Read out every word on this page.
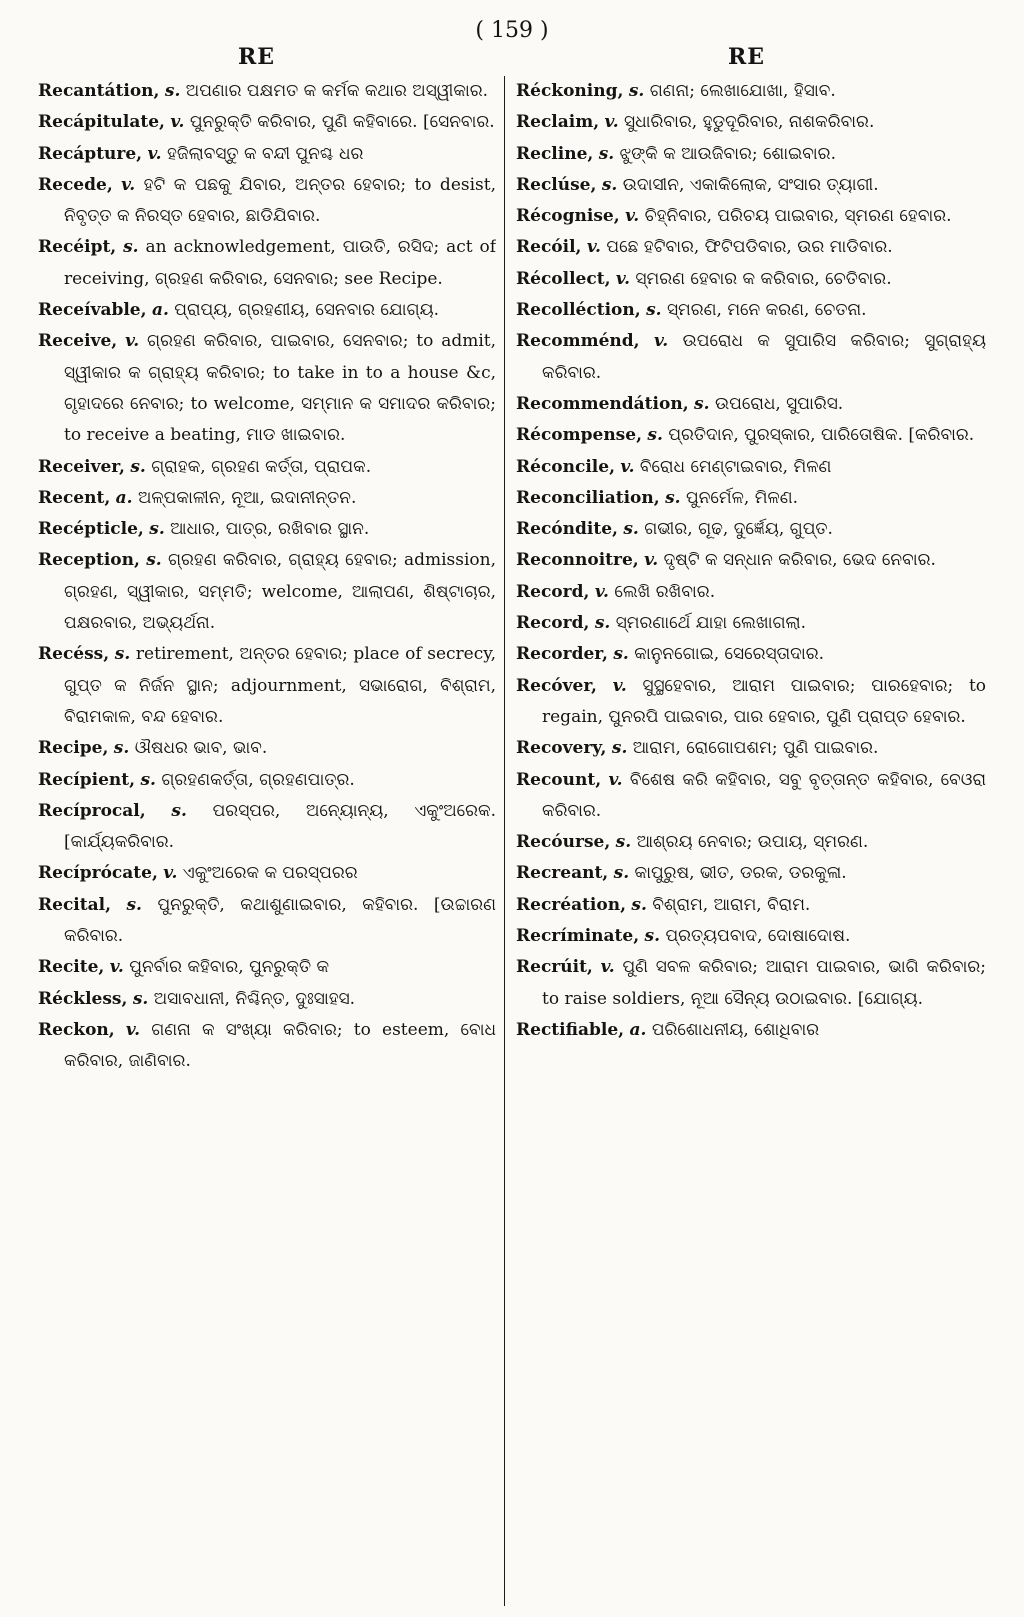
( 159 )
RE	RE

Recantátion, s. ଅପଣାର ପକ୍ଷମତ କ କର୍ମକ କଥାର ଅସ୍ୱୀକାର.

Recápitulate, v. ପୁନରୁକ୍ତି କରିବାର, ପୁଣି କହିବାରେ. [ସେନବାର.

Recápture, v. ହଜିଲାବସ୍ତୁ କ ବନ୍ଦୀ ପୁନଶ୍ଚ ଧର

Recede, v. ହଟି କ ପଛକୁ ଯିବାର, ଅନ୍ତର ହେବାର; to desist, ନିବୃତ୍ତ କ ନିରସ୍ତ ହେବାର, ଛାଡିଯିବାର.

Recéipt, s. an acknowledgement, ପାଉତି, ରସିଦ; act of receiving, ଗ୍ରହଣ କରିବାର, ସେନବାର; see Recipe.

Receívable, a. ପ୍ରାପ୍ୟ, ଗ୍ରହଣୀୟ, ସେନବାର ଯୋଗ୍ୟ.

Receive, v. ଗ୍ରହଣ କରିବାର, ପାଇବାର, ସେନବାର; to admit, ସ୍ୱୀକାର କ ଗ୍ରାହ୍ୟ କରିବାର; to take in to a house &c, ଗୃହାଦରେ ନେବାର; to welcome, ସମ୍ମାନ କ ସମାଦର କରିବାର; to receive a beating, ମାଡ ଖାଇବାର.

Receiver, s. ଗ୍ରାହକ, ଗ୍ରହଣ କର୍ତ୍ତା, ପ୍ରାପକ.

Recent, a. ଅଳ୍ପକାଳୀନ, ନୂଆ, ଇଦାନୀନ୍ତନ.

Recépticle, s. ଆଧାର, ପାତ୍ର, ରଖିବାର ସ୍ଥାନ.

Reception, s. ଗ୍ରହଣ କରିବାର, ଗ୍ରାହ୍ୟ ହେବାର; admission, ଗ୍ରହଣ, ସ୍ୱୀକାର, ସମ୍ମତି; welcome, ଆଲାପଣ, ଶିଷ୍ଟାଚାର, ପକ୍ଷରବାର, ଅଭ୍ୟର୍ଥନା.

Recéss, s. retirement, ଅନ୍ତର ହେବାର; place of secrecy, ଗୁପ୍ତ କ ନିର୍ଜନ ସ୍ଥାନ; adjournment, ସଭାରୋଗ, ବିଶ୍ରାମ, ବିରାମକାଳ, ବନ୍ଦ ହେବାର.

Recipe, s. ଔଷଧର ଭାବ, ଭାବ.

Recípient, s. ଗ୍ରହଣକର୍ତ୍ତା, ଗ୍ରହଣପାତ୍ର.

Recíprocal, s. ପରସ୍ପର, ଅନ୍ୟୋନ୍ୟ, ଏକୁଂଅରେକ. [କାର୍ଯ୍ୟକରିବାର.

Recíprócate, v. ଏକୁଂଅରେକ କ ପରସ୍ପରର

Recital, s. ପୁନରୁକ୍ତି, କଥାଶୁଣାଇବାର, କହିବାର. [ଉଚ୍ଚାରଣ କରିବାର.

Recite, v. ପୁନର୍ବାର କହିବାର, ପୁନରୁକ୍ତି କ

Réckless, s. ଅସାବଧାନୀ, ନିଶ୍ଚିନ୍ତ, ଦୁଃସାହସ.

Reckon, v. ଗଣନା କ ସଂଖ୍ୟା କରିବାର; to esteem, ବୋଧ କରିବାର, ଜାଣିବାର.

Réckoning, s. ଗଣନା; ଲେଖାଯୋଖା, ହିସାବ.

Reclaim, v. ସୁଧାରିବାର, ହୁଡୁଦୂରିବାର, ନାଶକରିବାର.

Recline, s. ଝୁଙ୍କି କ ଆଉଜିବାର; ଶୋଇବାର.

Reclúse, s. ଉଦାସୀନ, ଏକାକିଲୋକ, ସଂସାର ତ୍ୟାଗୀ.

Récognise, v. ଚିହ୍ନିବାର, ପରିଚୟ ପାଇବାର, ସ୍ମରଣ ହେବାର.

Recóil, v. ପଛେ ହଟିବାର, ଫିଟିପଡିବାର, ଉର ମାଡିବାର.

Récollect, v. ସ୍ମରଣ ହେବାର କ କରିବାର, ଚେତିବାର.

Recolléction, s. ସ୍ମରଣ, ମନେ କରଣ, ଚେତନା.

Recomménd, v. ଉପରୋଧ କ ସୁପାରିସ କରିବାର; ସୁଗ୍ରାହ୍ୟ କରିବାର.

Recommendátion, s. ଉପରୋଧ, ସୁପାରିସ.

Récompense, s. ପ୍ରତିଦାନ, ପୁରସ୍କାର, ପାରିତୋଷିକ. [କରିବାର.

Réconcile, v. ବିରୋଧ ମେଣ୍ଟାଇବାର, ମିଳଣ

Reconciliation, s. ପୁନର୍ମେଳ, ମିଳଣ.

Recóndite, s. ଗଭୀର, ଗୂଢ, ଦୁର୍ଜ୍ଞେୟ, ଗୁପ୍ତ.

Reconnoitre, v. ଦୃଷ୍ଟି କ ସନ୍ଧାନ କରିବାର, ଭେଦ ନେବାର.

Record, v. ଲେଖି ରଖିବାର.

Record, s. ସ୍ମରଣାର୍ଥେ ଯାହା ଲେଖାଗଲା.

Recorder, s. କାନୁନଗୋଇ, ସେରେସ୍ତାଦାର.

Recóver, v. ସୁସ୍ଥହେବାର, ଆରାମ ପାଇବାର; ପାରହେବାର; to regain, ପୁନରପି ପାଇବାର, ପାର ହେବାର, ପୁଣି ପ୍ରାପ୍ତ ହେବାର.

Recovery, s. ଆରାମ, ରୋଗୋପଶମ; ପୁଣି ପାଇବାର.

Recount, v. ବିଶେଷ କରି କହିବାର, ସବୁ ବୃତ୍ତାନ୍ତ କହିବାର, ବେଓରା କରିବାର.

Recóurse, s. ଆଶ୍ରୟ ନେବାର; ଉପାୟ, ସ୍ମରଣ.

Recreant, s. କାପୁରୁଷ, ଭୀତ, ଡରକ, ଡରକୁଳା.

Recréation, s. ବିଶ୍ରାମ, ଆରାମ, ବିରାମ.

Recríminate, s. ପ୍ରତ୍ୟପବାଦ, ଦୋଷାଦୋଷ.

Recrúit, v. ପୁଣି ସବଳ କରିବାର; ଆରାମ ପାଇବାର, ଭାଗି କରିବାର; to raise soldiers, ନୂଆ ସୈନ୍ୟ ଉଠାଇବାର. [ଯୋଗ୍ୟ.

Rectifiable, a. ପରିଶୋଧନୀୟ, ଶୋଧିବାର
